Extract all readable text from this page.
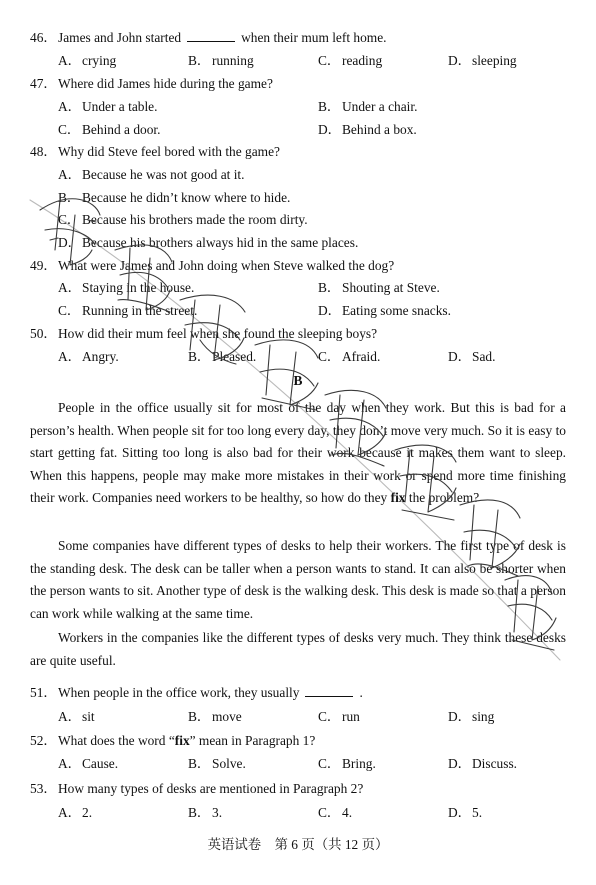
46．James and John started	when their mum left home.
A．crying	B． running	C． reading	D．sleeping
47．Where did James hide during the game?
A．Under a table.	B． Under a chair.
C． Behind a door.	D．Behind a box.
48．Why did Steve feel bored with the game?
A．Because he was not good at it.
B． Because he didn’t know where to hide.
C． Because his brothers made the room dirty.
D．Because his brothers always hid in the same places.
49．What were James and John doing when Steve walked the dog?
A．Staying in the house.	B． Shouting at Steve.
C． Running in the street.	D．Eating some snacks.
50．How did their mum feel when she found the sleeping boys?
A．Angry.	B． Pleased.	C． Afraid.	D．Sad.
B

People in the office usually sit for most of the day when they work. But this is bad for a person’s health. When people sit for too long every day, they don’t move very much. So it is easy to start getting fat. Sitting too long is also bad for their work because it makes them want to sleep. When this happens, people may make more mistakes in their work or spend more time finishing their work. Companies need workers to be healthy, so how do they fix the problem?

Some companies have different types of desks to help their workers. The first type of desk is the standing desk. The desk can be taller when a person wants to stand. It can also be shorter when the person wants to sit. Another type of desk is the walking desk. This desk is made so that a person can work while walking at the same time.

Workers in the companies like the different types of desks very much. They think these desks are quite useful.

51．When people in the office work, they usually	.
A．sit	B． move	C． run	D．sing
52．What does the word “fix” mean in Paragraph 1?
A．Cause.	B． Solve.	C． Bring.	D．Discuss.
53．How many types of desks are mentioned in Paragraph 2?
A．2.	B． 3.	C． 4.	D．5.
英语试卷　第 6 页（共 12 页）
